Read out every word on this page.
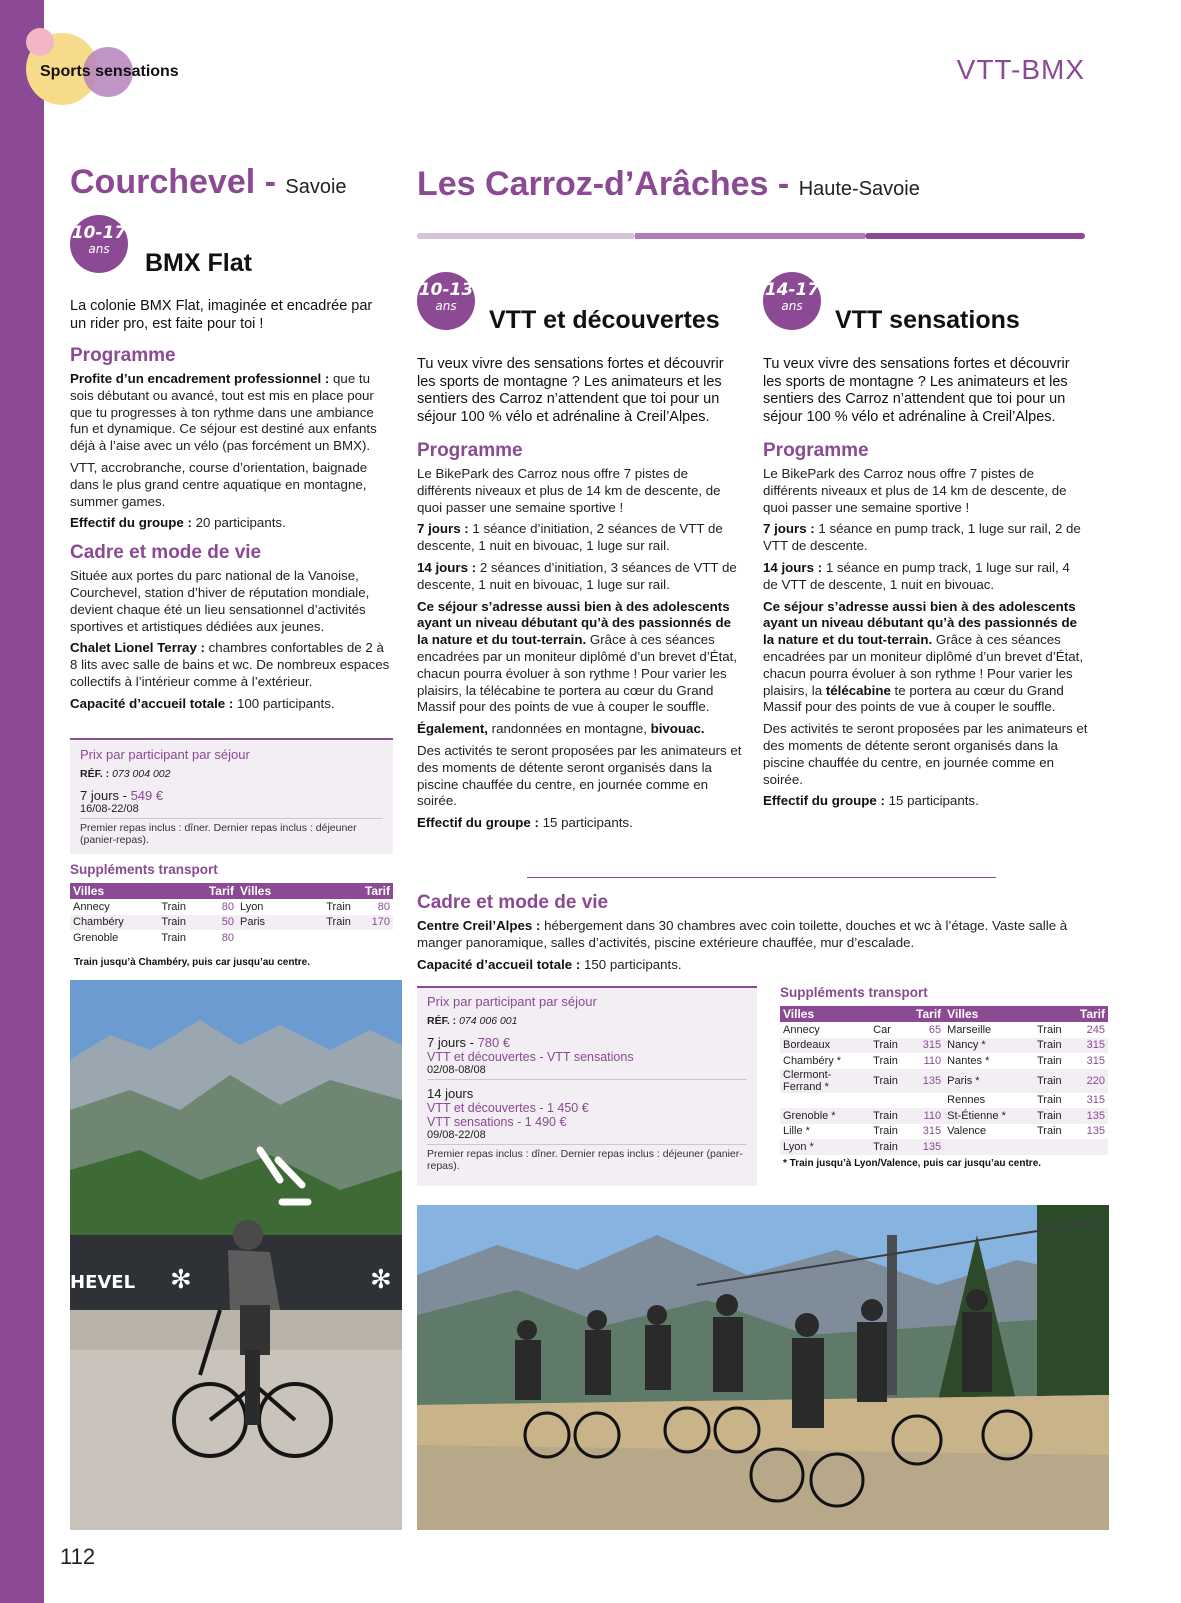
Sports sensations	VTT-BMX
112
Courchevel - Savoie
10-17
ans	BMX Flat
La colonie BMX Flat, imaginée et encadrée par un rider pro, est faite pour toi !
Programme

Profite d’un encadrement professionnel : que tu sois débutant ou avancé, tout est mis en place pour que tu progresses à ton rythme dans une ambiance fun et dynamique. Ce séjour est destiné aux enfants déjà à l’aise avec un vélo (pas forcément un BMX).

VTT, accrobranche, course d’orientation, baignade dans le plus grand centre aquatique en montagne, summer games.

Effectif du groupe : 20 participants.

Cadre et mode de vie

Située aux portes du parc national de la Vanoise, Courchevel, station d’hiver de réputation mondiale, devient chaque été un lieu sensationnel d’activités sportives et artistiques dédiées aux jeunes.

Chalet Lionel Terray : chambres confortables de 2 à 8 lits avec salle de bains et wc. De nombreux espaces collectifs à l’intérieur comme à l’extérieur.

Capacité d’accueil totale : 100 participants.

Prix par participant par séjour
RÉF. : 073 004 002
7 jours - 549 €
16/08-22/08
Premier repas inclus : dîner. Dernier repas inclus : déjeuner (panier-repas).
Suppléments transport
Villes		Tarif	Villes		Tarif
Annecy	Train	80	Lyon	Train	80
Chambéry	Train	50	Paris	Train	170
Grenoble	Train	80			
Train jusqu’à Chambéry, puis car jusqu’au centre.
HEVEL ✻	✻
Les Carroz-d’Arâches - Haute-Savoie
10-13
ans	VTT et découvertes
Tu veux vivre des sensations fortes et découvrir les sports de montagne ? Les animateurs et les sentiers des Carroz n’attendent que toi pour un séjour 100 % vélo et adrénaline à Creil’Alpes.
Programme

Le BikePark des Carroz nous offre 7 pistes de différents niveaux et plus de 14 km de descente, de quoi passer une semaine sportive !

7 jours : 1 séance d’initiation, 2 séances de VTT de descente, 1 nuit en bivouac, 1 luge sur rail.

14 jours : 2 séances d’initiation, 3 séances de VTT de descente, 1 nuit en bivouac, 1 luge sur rail.

Ce séjour s’adresse aussi bien à des adolescents ayant un niveau débutant qu’à des passionnés de la nature et du tout-terrain. Grâce à ces séances encadrées par un moniteur diplômé d’un brevet d’État, chacun pourra évoluer à son rythme ! Pour varier les plaisirs, la télécabine te portera au cœur du Grand Massif pour des points de vue à couper le souffle.

Également, randonnées en montagne, bivouac.

Des activités te seront proposées par les animateurs et des moments de détente seront organisés dans la piscine chauffée du centre, en journée comme en soirée.

Effectif du groupe : 15 participants.

14-17
ans	VTT sensations
Tu veux vivre des sensations fortes et découvrir les sports de montagne ? Les animateurs et les sentiers des Carroz n’attendent que toi pour un séjour 100 % vélo et adrénaline à Creil’Alpes.
Programme

Le BikePark des Carroz nous offre 7 pistes de différents niveaux et plus de 14 km de descente, de quoi passer une semaine sportive !

7 jours : 1 séance en pump track, 1 luge sur rail, 2 de VTT de descente.

14 jours : 1 séance en pump track, 1 luge sur rail, 4 de VTT de descente, 1 nuit en bivouac.

Ce séjour s’adresse aussi bien à des adolescents ayant un niveau débutant qu’à des passionnés de la nature et du tout-terrain. Grâce à ces séances encadrées par un moniteur diplômé d’un brevet d’État, chacun pourra évoluer à son rythme ! Pour varier les plaisirs, la télécabine te portera au cœur du Grand Massif pour des points de vue à couper le souffle.

Des activités te seront proposées par les animateurs et des moments de détente seront organisés dans la piscine chauffée du centre, en journée comme en soirée.

Effectif du groupe : 15 participants.

Cadre et mode de vie

Centre Creil’Alpes : hébergement dans 30 chambres avec coin toilette, douches et wc à l’étage. Vaste salle à manger panoramique, salles d’activités, piscine extérieure chauffée, mur d’escalade.

Capacité d’accueil totale : 150 participants.

Prix par participant par séjour
RÉF. : 074 006 001
7 jours - 780 €
VTT et découvertes - VTT sensations
02/08-08/08
14 jours
VTT et découvertes - 1 450 €
VTT sensations - 1 490 €
09/08-22/08
Premier repas inclus : dîner. Dernier repas inclus : déjeuner (panier-repas).
Suppléments transport
Villes		Tarif	Villes		Tarif
Annecy	Car	65	Marseille	Train	245
Bordeaux	Train	315	Nancy *	Train	315
Chambéry *	Train	110	Nantes *	Train	315
Clermont-Ferrand *	Train	135	Paris *	Train	220
			Rennes	Train	315
Grenoble *	Train	110	St-Étienne *	Train	135
Lille *	Train	315	Valence	Train	135
Lyon *	Train	135			
* Train jusqu’à Lyon/Valence, puis car jusqu’au centre.
